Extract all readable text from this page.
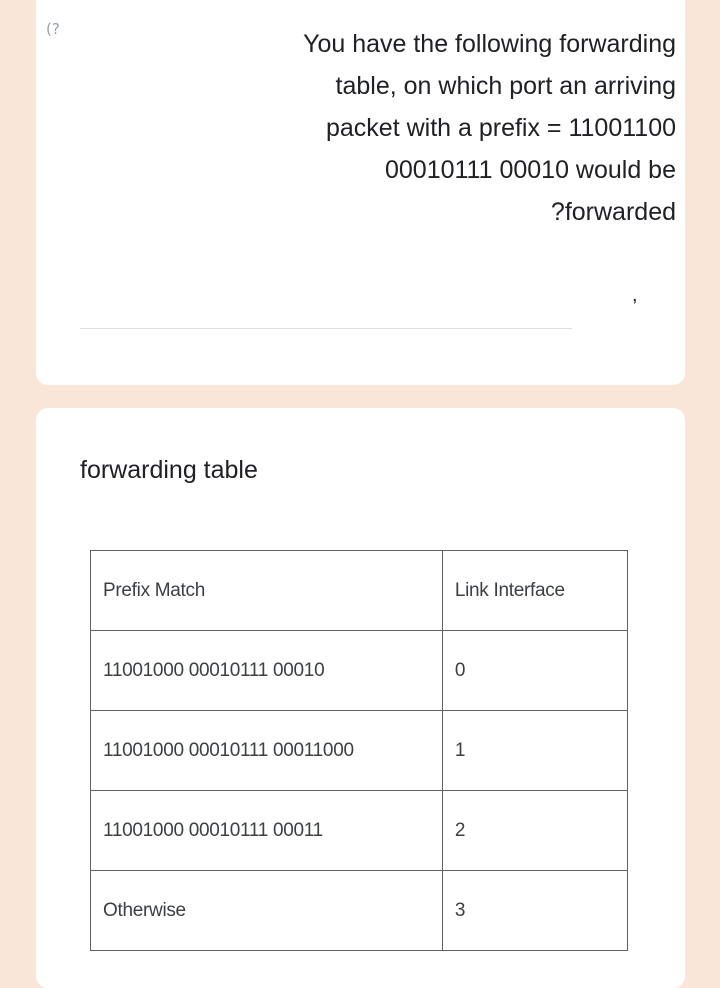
(?
You have the following forwarding
table, on which port an arriving
packet with a prefix = 11001100
00010111 00010 would be
?forwarded
,
forwarding table
Prefix Match	Link Interface
11001000 00010111 00010	0
11001000 00010111 00011000	1
11001000 00010111 00011	2
Otherwise	3
